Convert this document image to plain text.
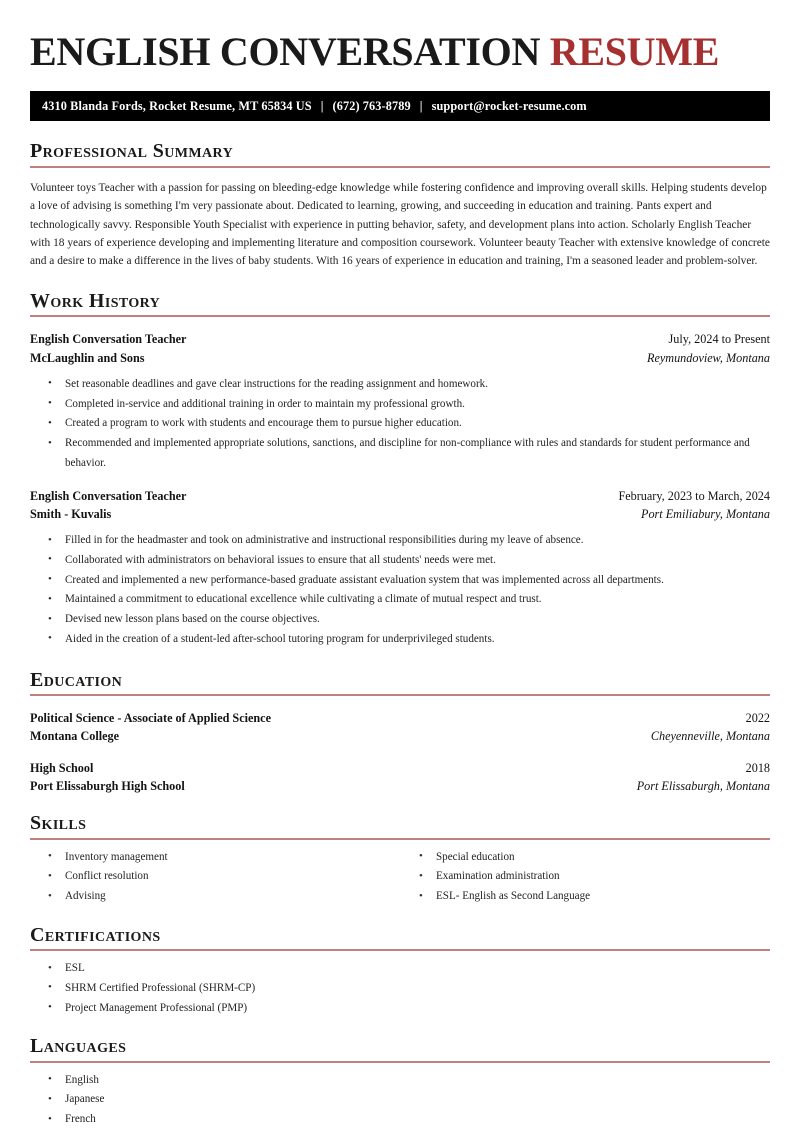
ENGLISH CONVERSATION RESUME
4310 Blanda Fords, Rocket Resume, MT 65834 US | (672) 763-8789 | support@rocket-resume.com
Professional Summary

Volunteer toys Teacher with a passion for passing on bleeding-edge knowledge while fostering confidence and improving overall skills. Helping students develop a love of advising is something I'm very passionate about. Dedicated to learning, growing, and succeeding in education and training. Pants expert and technologically savvy. Responsible Youth Specialist with experience in putting behavior, safety, and development plans into action. Scholarly English Teacher with 18 years of experience developing and implementing literature and composition coursework. Volunteer beauty Teacher with extensive knowledge of concrete and a desire to make a difference in the lives of baby students. With 16 years of experience in education and training, I'm a seasoned leader and problem-solver.

Work History
English Conversation Teacher	July, 2024 to Present
McLaughlin and Sons	Reymundoview, Montana
• Set reasonable deadlines and gave clear instructions for the reading assignment and homework.
• Completed in-service and additional training in order to maintain my professional growth.
• Created a program to work with students and encourage them to pursue higher education.
• Recommended and implemented appropriate solutions, sanctions, and discipline for non-compliance with rules and standards for student performance and behavior.
English Conversation Teacher	February, 2023 to March, 2024
Smith - Kuvalis	Port Emiliabury, Montana
• Filled in for the headmaster and took on administrative and instructional responsibilities during my leave of absence.
• Collaborated with administrators on behavioral issues to ensure that all students' needs were met.
• Created and implemented a new performance-based graduate assistant evaluation system that was implemented across all departments.
• Maintained a commitment to educational excellence while cultivating a climate of mutual respect and trust.
• Devised new lesson plans based on the course objectives.
• Aided in the creation of a student-led after-school tutoring program for underprivileged students.
Education
Political Science - Associate of Applied Science	2022
Montana College	Cheyenneville, Montana
High School	2018
Port Elissaburgh High School	Port Elissaburgh, Montana
Skills
• Inventory management
• Conflict resolution
• Advising
• Special education
• Examination administration
• ESL- English as Second Language
Certifications
• ESL
• SHRM Certified Professional (SHRM-CP)
• Project Management Professional (PMP)
Languages
• English
• Japanese
• French
